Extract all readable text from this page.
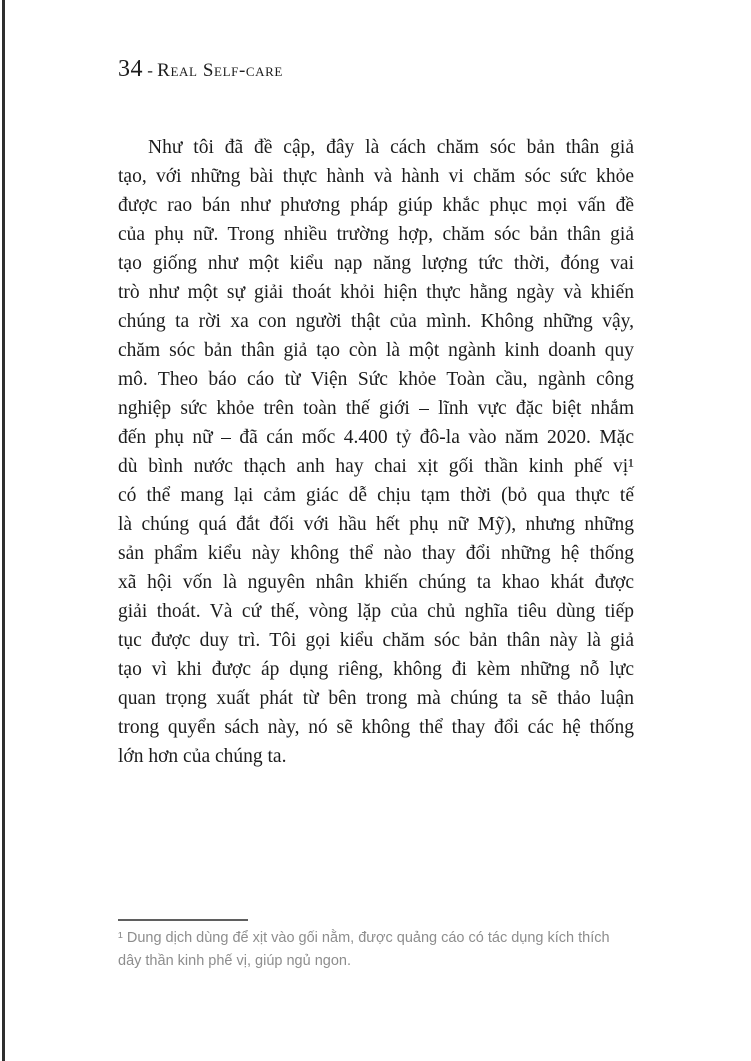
34 - Real Self-care
Như tôi đã đề cập, đây là cách chăm sóc bản thân giả
tạo, với những bài thực hành và hành vi chăm sóc sức khỏe
được rao bán như phương pháp giúp khắc phục mọi vấn đề
của phụ nữ. Trong nhiều trường hợp, chăm sóc bản thân giả
tạo giống như một kiểu nạp năng lượng tức thời, đóng vai
trò như một sự giải thoát khỏi hiện thực hằng ngày và khiến
chúng ta rời xa con người thật của mình. Không những vậy,
chăm sóc bản thân giả tạo còn là một ngành kinh doanh quy
mô. Theo báo cáo từ Viện Sức khỏe Toàn cầu, ngành công
nghiệp sức khỏe trên toàn thế giới – lĩnh vực đặc biệt nhắm
đến phụ nữ – đã cán mốc 4.400 tỷ đô-la vào năm 2020. Mặc
dù bình nước thạch anh hay chai xịt gối thần kinh phế vị¹
có thể mang lại cảm giác dễ chịu tạm thời (bỏ qua thực tế
là chúng quá đắt đối với hầu hết phụ nữ Mỹ), nhưng những
sản phẩm kiểu này không thể nào thay đổi những hệ thống
xã hội vốn là nguyên nhân khiến chúng ta khao khát được
giải thoát. Và cứ thế, vòng lặp của chủ nghĩa tiêu dùng tiếp
tục được duy trì. Tôi gọi kiểu chăm sóc bản thân này là giả
tạo vì khi được áp dụng riêng, không đi kèm những nỗ lực
quan trọng xuất phát từ bên trong mà chúng ta sẽ thảo luận
trong quyển sách này, nó sẽ không thể thay đổi các hệ thống
lớn hơn của chúng ta.
¹ Dung dịch dùng để xịt vào gối nằm, được quảng cáo có tác dụng kích thích
dây thần kinh phế vị, giúp ngủ ngon.
